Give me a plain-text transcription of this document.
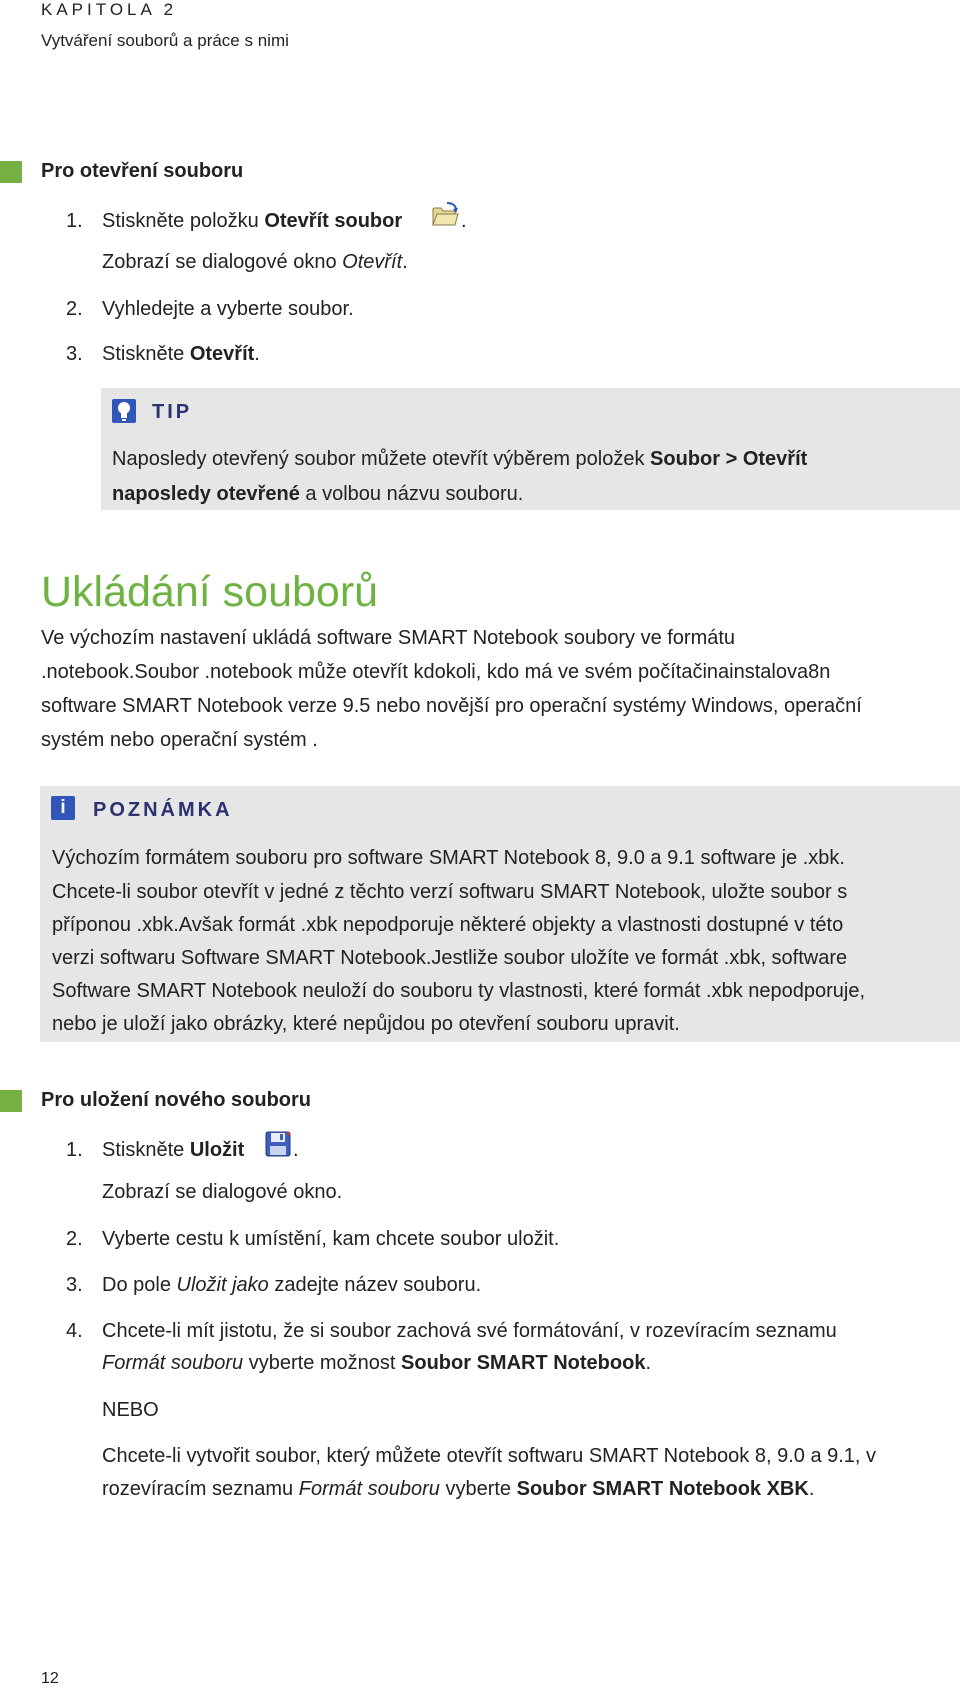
KAPITOLA 2
Vytváření souborů a práce s nimi
Pro otevření souboru
1. Stiskněte položku Otevřít soubor	.
Zobrazí se dialogové okno Otevřít.
2. Vyhledejte a vyberte soubor.
3. Stiskněte Otevřít.
TIP
Naposledy otevřený soubor můžete otevřít výběrem položek Soubor > Otevřít
naposledy otevřené a volbou názvu souboru.
Ukládání souborů
Ve výchozím nastavení ukládá software SMART Notebook soubory ve formátu
.notebook.Soubor .notebook může otevřít kdokoli, kdo má ve svém počítačinainstalova8n
software SMART Notebook verze 9.5 nebo novější pro operační systémy Windows, operační
systém nebo operační systém .
i	POZNÁMKA
Výchozím formátem souboru pro software SMART Notebook 8, 9.0 a 9.1 software je .xbk.
Chcete-li soubor otevřít v jedné z těchto verzí softwaru SMART Notebook, uložte soubor s
příponou .xbk.Avšak formát .xbk nepodporuje některé objekty a vlastnosti dostupné v této
verzi softwaru Software SMART Notebook.Jestliže soubor uložíte ve formát .xbk, software
Software SMART Notebook neuloží do souboru ty vlastnosti, které formát .xbk nepodporuje,
nebo je uloží jako obrázky, které nepůjdou po otevření souboru upravit.
Pro uložení nového souboru
1. Stiskněte Uložit .
Zobrazí se dialogové okno.
2. Vyberte cestu k umístění, kam chcete soubor uložit.
3. Do pole Uložit jako zadejte název souboru.
4. Chcete-li mít jistotu, že si soubor zachová své formátování, v rozevíracím seznamu
Formát souboru vyberte možnost Soubor SMART Notebook.
NEBO
Chcete-li vytvořit soubor, který můžete otevřít softwaru SMART Notebook 8, 9.0 a 9.1, v
rozevíracím seznamu Formát souboru vyberte Soubor SMART Notebook XBK.
12
